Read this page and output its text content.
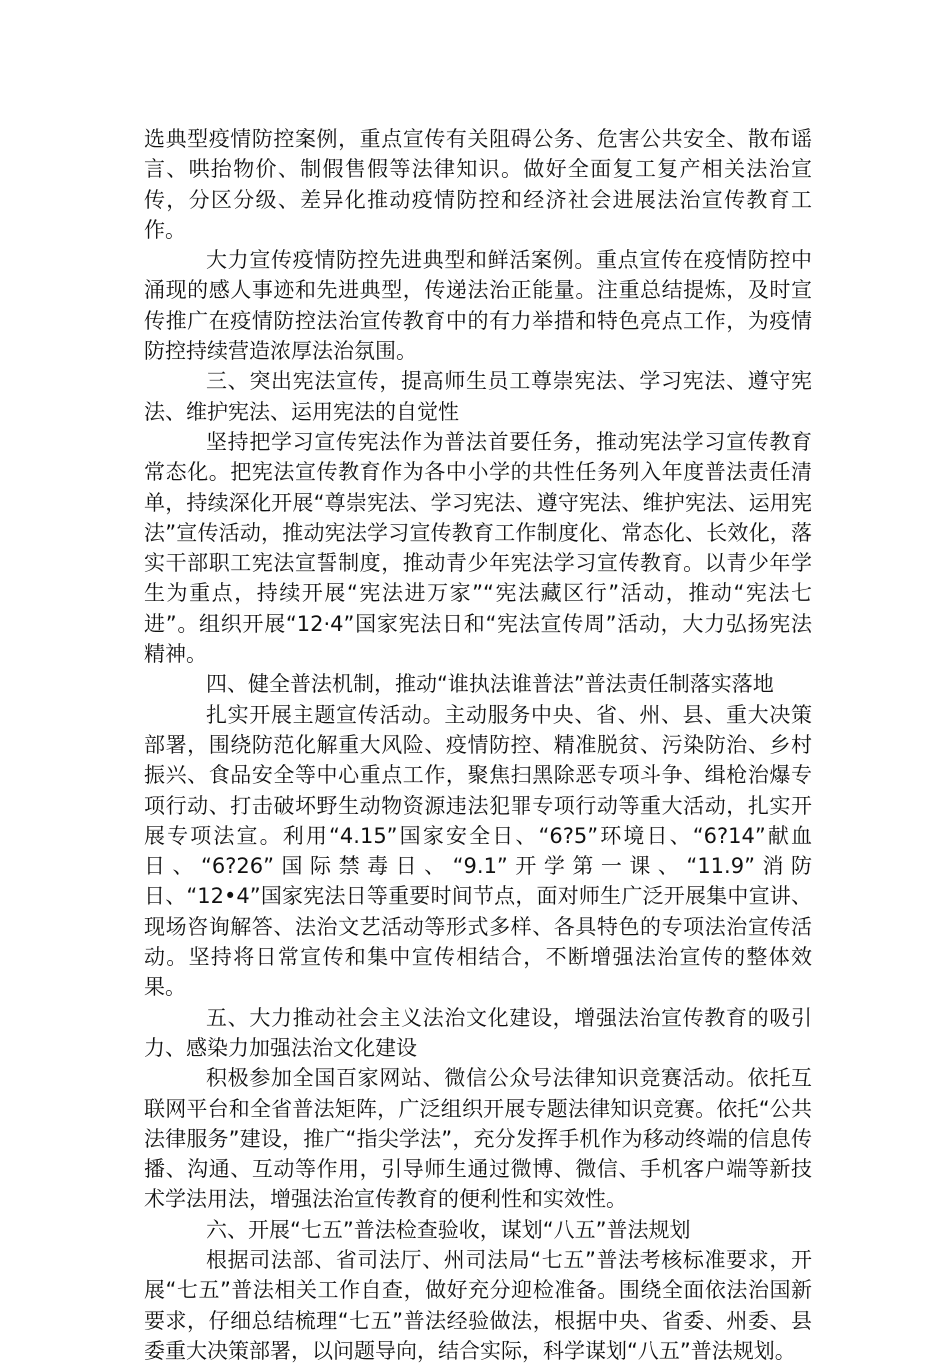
选典型疫情防控案例，重点宣传有关阻碍公务、危害公共安全、散布谣言、哄抬物价、制假售假等法律知识。做好全面复工复产相关法治宣传，分区分级、差异化推动疫情防控和经济社会进展法治宣传教育工作。

大力宣传疫情防控先进典型和鲜活案例。重点宣传在疫情防控中涌现的感人事迹和先进典型，传递法治正能量。注重总结提炼，及时宣传推广在疫情防控法治宣传教育中的有力举措和特色亮点工作，为疫情防控持续营造浓厚法治氛围。

三、突出宪法宣传，提高师生员工尊崇宪法、学习宪法、遵守宪法、维护宪法、运用宪法的自觉性

坚持把学习宣传宪法作为普法首要任务，推动宪法学习宣传教育常态化。把宪法宣传教育作为各中小学的共性任务列入年度普法责任清单，持续深化开展“尊崇宪法、学习宪法、遵守宪法、维护宪法、运用宪法”宣传活动，推动宪法学习宣传教育工作制度化、常态化、长效化，落实干部职工宪法宣誓制度，推动青少年宪法学习宣传教育。以青少年学生为重点，持续开展“宪法进万家”“宪法藏区行”活动，推动“宪法七进”。组织开展“12·4”国家宪法日和“宪法宣传周”活动，大力弘扬宪法精神。

四、健全普法机制，推动“谁执法谁普法”普法责任制落实落地

扎实开展主题宣传活动。主动服务中央、省、州、县、重大决策部署，围绕防范化解重大风险、疫情防控、精准脱贫、污染防治、乡村振兴、食品安全等中心重点工作，聚焦扫黑除恶专项斗争、缉枪治爆专项行动、打击破坏野生动物资源违法犯罪专项行动等重大活动，扎实开展专项法宣。利用“4.15”国家安全日、“6?5”环境日、“6?14”献血日、“6?26”国际禁毒日、“9.1”开学第一课、“11.9”消防日、“12•4”国家宪法日等重要时间节点，面对师生广泛开展集中宣讲、现场咨询解答、法治文艺活动等形式多样、各具特色的专项法治宣传活动。坚持将日常宣传和集中宣传相结合，不断增强法治宣传的整体效果。

五、大力推动社会主义法治文化建设，增强法治宣传教育的吸引力、感染力加强法治文化建设

积极参加全国百家网站、微信公众号法律知识竞赛活动。依托互联网平台和全省普法矩阵，广泛组织开展专题法律知识竞赛。依托“公共法律服务”建设，推广“指尖学法”，充分发挥手机作为移动终端的信息传播、沟通、互动等作用，引导师生通过微博、微信、手机客户端等新技术学法用法，增强法治宣传教育的便利性和实效性。

六、开展“七五”普法检查验收，谋划“八五”普法规划

根据司法部、省司法厅、州司法局“七五”普法考核标准要求，开展“七五”普法相关工作自查，做好充分迎检准备。围绕全面依法治国新要求，仔细总结梳理“七五”普法经验做法，根据中央、省委、州委、县委重大决策部署，以问题导向，结合实际，科学谋划“八五”普法规划。
